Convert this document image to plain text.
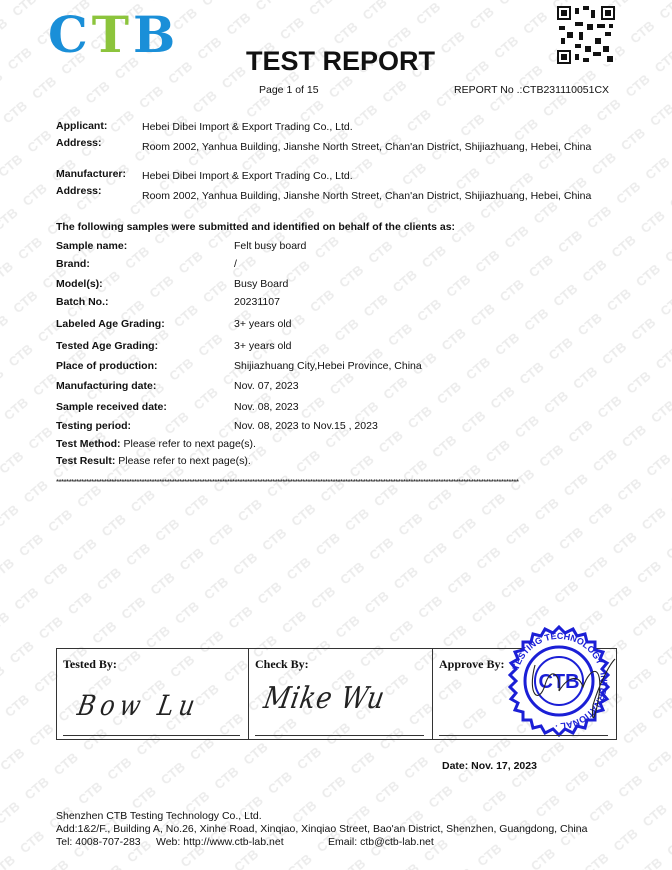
CTB TEST REPORT
Page 1 of 15	REPORT No .:CTB231110051CX
Applicant:	Hebei Dibei Import & Export Trading Co., Ltd.
Address:	Room 2002, Yanhua Building, Jianshe North Street, Chan'an District, Shijiazhuang, Hebei, China
Manufacturer: Hebei Dibei Import & Export Trading Co., Ltd.
Address:	Room 2002, Yanhua Building, Jianshe North Street, Chan'an District, Shijiazhuang, Hebei, China
The following samples were submitted and identified on behalf of the clients as:
Sample name:	Felt busy board
Brand:	/
Model(s):	Busy Board
Batch No.:	20231107
Labeled Age Grading:	3+ years old
Tested Age Grading:	3+ years old
Place of production:	Shijiazhuang City,Hebei Province, China
Manufacturing date:	Nov. 07, 2023
Sample received date:	Nov. 08, 2023
Testing period:	Nov. 08, 2023 to Nov.15 , 2023
Test Method: Please refer to next page(s).
Test Result: Please refer to next page(s).
****************************************************************************************************************************************************************************************
Tested By:
Bow Lu
Check By:
Mike Wu
Approve By: TESTING TECHNOLOGY · INTERNATIONAL ·
CTB
Date: Nov. 17, 2023
Shenzhen CTB Testing Technology Co., Ltd.
Add:1&2/F., Building A, No.26, Xinhe Road, Xinqiao, Xinqiao Street, Bao'an District, Shenzhen, Guangdong, China
Tel: 4008-707-283 Web: http://www.ctb-lab.net	Email: ctb@ctb-lab.net
